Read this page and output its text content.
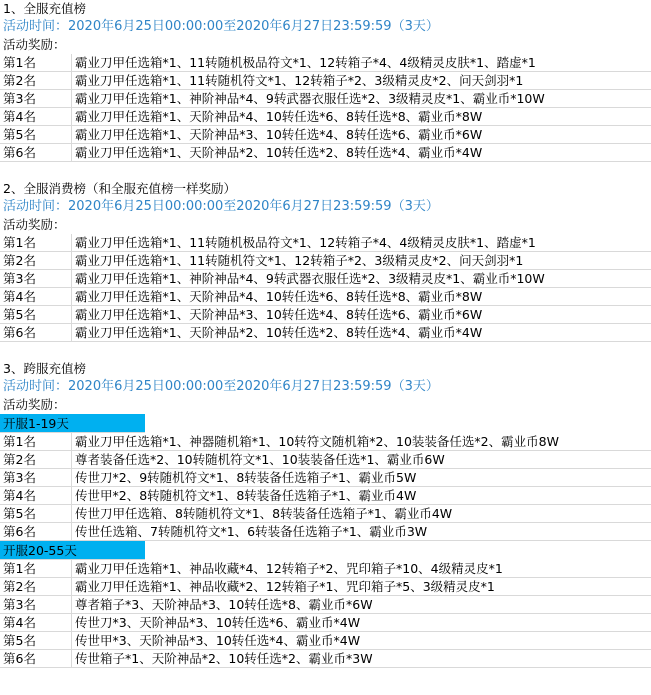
1、全服充值榜
活动时间：2020年6月25日00:00:00至2020年6月27日23:59:59（3天）
活动奖励：
第1名	霸业刀甲任选箱*1、11转随机极品符文*1、12转箱子*4、4级精灵皮肤*1、踏虚*1
第2名	霸业刀甲任选箱*1、11转随机符文*1、12转箱子*2、3级精灵皮*2、问天剑羽*1
第3名	霸业刀甲任选箱*1、神阶神品*4、9转武器衣服任选*2、3级精灵皮*1、霸业币*10W
第4名	霸业刀甲任选箱*1、天阶神品*4、10转任选*6、8转任选*8、霸业币*8W
第5名	霸业刀甲任选箱*1、天阶神品*3、10转任选*4、8转任选*6、霸业币*6W
第6名	霸业刀甲任选箱*1、天阶神品*2、10转任选*2、8转任选*4、霸业币*4W
2、全服消费榜（和全服充值榜一样奖励）
活动时间：2020年6月25日00:00:00至2020年6月27日23:59:59（3天）
活动奖励：
第1名	霸业刀甲任选箱*1、11转随机极品符文*1、12转箱子*4、4级精灵皮肤*1、踏虚*1
第2名	霸业刀甲任选箱*1、11转随机符文*1、12转箱子*2、3级精灵皮*2、问天剑羽*1
第3名	霸业刀甲任选箱*1、神阶神品*4、9转武器衣服任选*2、3级精灵皮*1、霸业币*10W
第4名	霸业刀甲任选箱*1、天阶神品*4、10转任选*6、8转任选*8、霸业币*8W
第5名	霸业刀甲任选箱*1、天阶神品*3、10转任选*4、8转任选*6、霸业币*6W
第6名	霸业刀甲任选箱*1、天阶神品*2、10转任选*2、8转任选*4、霸业币*4W
3、跨服充值榜
活动时间：2020年6月25日00:00:00至2020年6月27日23:59:59（3天）
活动奖励：
开服1-19天
第1名	霸业刀甲任选箱*1、神器随机箱*1、10转符文随机箱*2、10装装备任选*2、霸业币8W
第2名	尊者装备任选*2、10转随机符文*1、10装装备任选*1、霸业币6W
第3名	传世刀*2、9转随机符文*1、8转装备任选箱子*1、霸业币5W
第4名	传世甲*2、8转随机符文*1、8转装备任选箱子*1、霸业币4W
第5名	传世刀甲任选箱、8转随机符文*1、8转装备任选箱子*1、霸业币4W
第6名	传世任选箱、7转随机符文*1、6转装备任选箱子*1、霸业币3W
开服20-55天
第1名	霸业刀甲任选箱*1、神品收藏*4、12转箱子*2、咒印箱子*10、4级精灵皮*1
第2名	霸业刀甲任选箱*1、神品收藏*2、12转箱子*1、咒印箱子*5、3级精灵皮*1
第3名	尊者箱子*3、天阶神品*3、10转任选*8、霸业币*6W
第4名	传世刀*3、天阶神品*3、10转任选*6、霸业币*4W
第5名	传世甲*3、天阶神品*3、10转任选*4、霸业币*4W
第6名	传世箱子*1、天阶神品*2、10转任选*2、霸业币*3W
